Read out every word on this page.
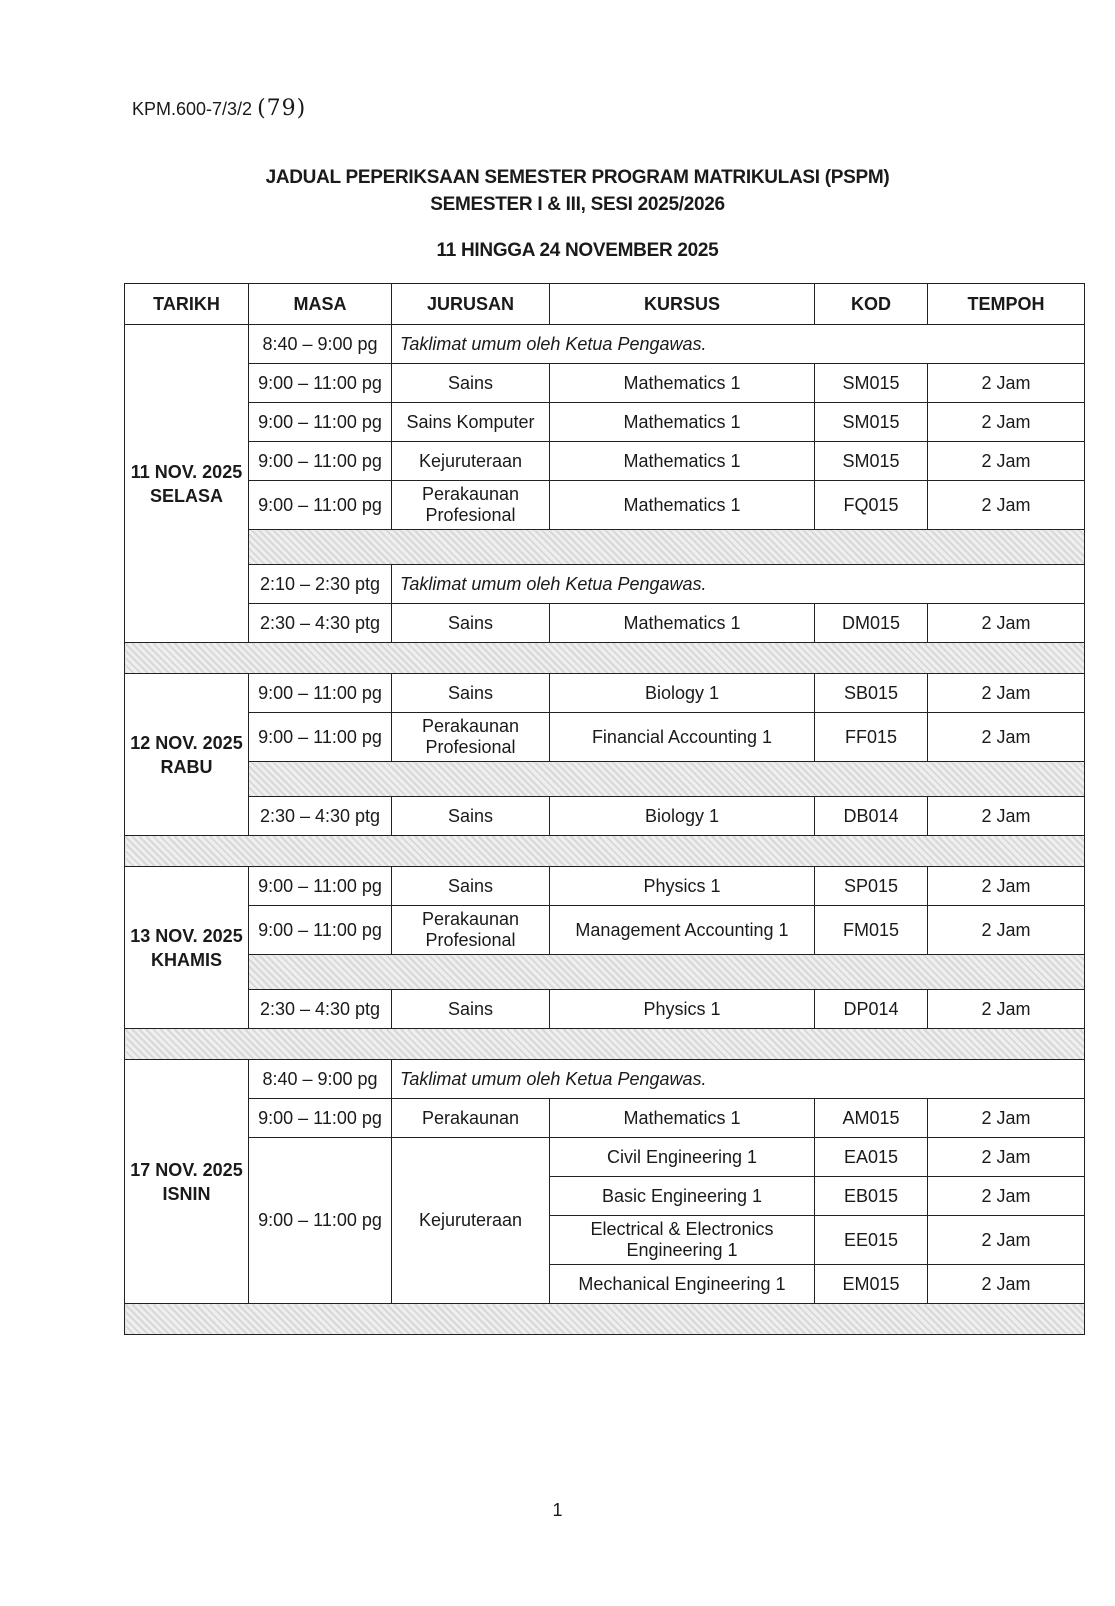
KPM.600-7/3/2 (79)
JADUAL PEPERIKSAAN SEMESTER PROGRAM MATRIKULASI (PSPM)
SEMESTER I & III, SESI 2025/2026
11 HINGGA 24 NOVEMBER 2025
TARIKH	MASA	JURUSAN	KURSUS	KOD	TEMPOH

11 NOV. 2025
SELASA	8:40 – 9:00 pg	Taklimat umum oleh Ketua Pengawas.			
	9:00 – 11:00 pg	Sains	Mathematics 1	SM015	2 Jam
	9:00 – 11:00 pg	Sains Komputer	Mathematics 1	SM015	2 Jam
	9:00 – 11:00 pg	Kejuruteraan	Mathematics 1	SM015	2 Jam
	9:00 – 11:00 pg	Perakaunan Profesional	Mathematics 1	FQ015	2 Jam

	2:10 – 2:30 ptg	Taklimat umum oleh Ketua Pengawas.			
	2:30 – 4:30 ptg	Sains	Mathematics 1	DM015	2 Jam

12 NOV. 2025
RABU	9:00 – 11:00 pg	Sains	Biology 1	SB015	2 Jam
	9:00 – 11:00 pg	Perakaunan Profesional	Financial Accounting 1	FF015	2 Jam

	2:30 – 4:30 ptg	Sains	Biology 1	DB014	2 Jam

13 NOV. 2025
KHAMIS	9:00 – 11:00 pg	Sains	Physics 1	SP015	2 Jam
	9:00 – 11:00 pg	Perakaunan Profesional	Management Accounting 1	FM015	2 Jam

	2:30 – 4:30 ptg	Sains	Physics 1	DP014	2 Jam

17 NOV. 2025
ISNIN	8:40 – 9:00 pg	Taklimat umum oleh Ketua Pengawas.			
	9:00 – 11:00 pg	Perakaunan	Mathematics 1	AM015	2 Jam
	9:00 – 11:00 pg	Kejuruteraan	Civil Engineering 1	EA015	2 Jam
			Basic Engineering 1	EB015	2 Jam
			Electrical & Electronics Engineering 1	EE015	2 Jam
			Mechanical Engineering 1	EM015	2 Jam

1
